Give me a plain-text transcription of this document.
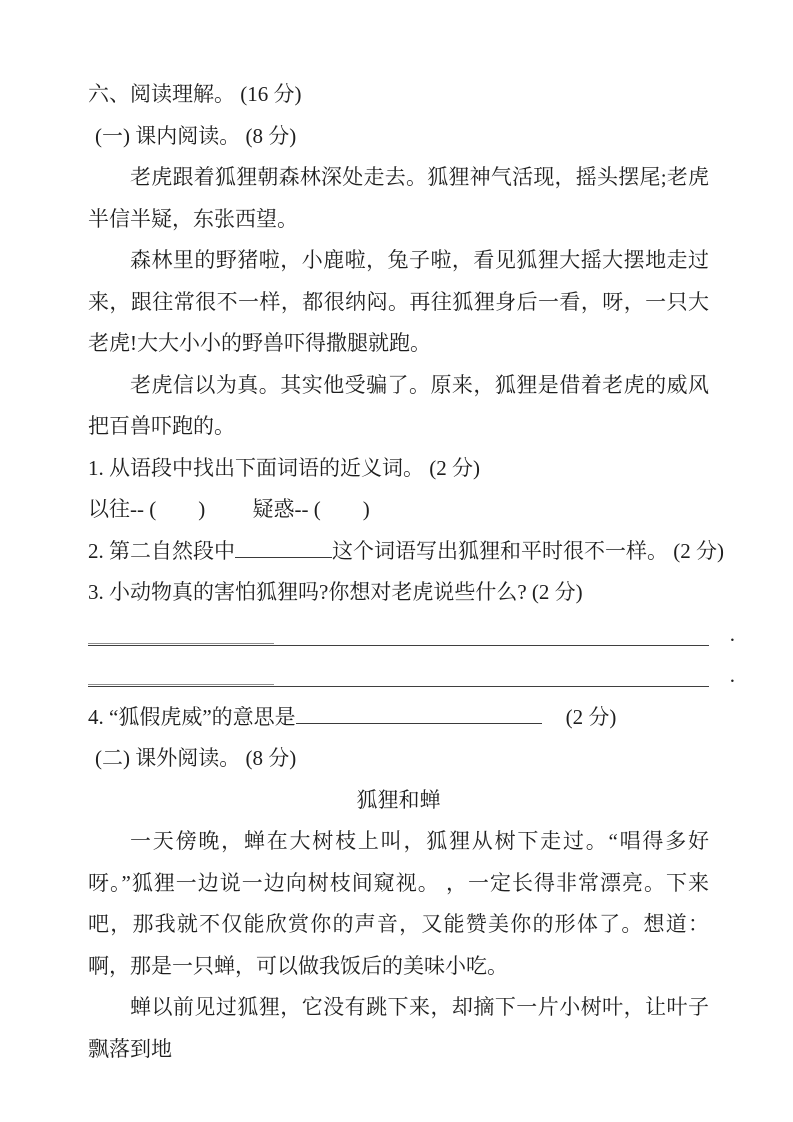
六、阅读理解。 (16 分)
(一) 课内阅读。 (8 分)

老虎跟着狐狸朝森林深处走去。狐狸神气活现，摇头摆尾;老虎半信半疑，东张西望。

森林里的野猪啦，小鹿啦，兔子啦，看见狐狸大摇大摆地走过来，跟往常很不一样，都很纳闷。再往狐狸身后一看，呀，一只大老虎!大大小小的野兽吓得撒腿就跑。

老虎信以为真。其实他受骗了。原来，狐狸是借着老虎的威风把百兽吓跑的。

1. 从语段中找出下面词语的近义词。 (2 分)
以往-- (　　)　　 疑惑-- (　　)
2. 第二自然段中	这个词语写出狐狸和平时很不一样。 (2 分)
3. 小动物真的害怕狐狸吗?你想对老虎说些什么? (2 分)
.
.
4. “狐假虎威”的意思是	(2 分)
(二) 课外阅读。 (8 分)
狐狸和蝉

一天傍晚，蝉在大树枝上叫，狐狸从树下走过。“唱得多好呀。”狐狸一边说一边向树枝间窥视。 ，一定长得非常漂亮。下来吧，那我就不仅能欣赏你的声音，又能赞美你的形体了。想道：啊，那是一只蝉，可以做我饭后的美味小吃。

蝉以前见过狐狸，它没有跳下来，却摘下一片小树叶，让叶子飘落到地
